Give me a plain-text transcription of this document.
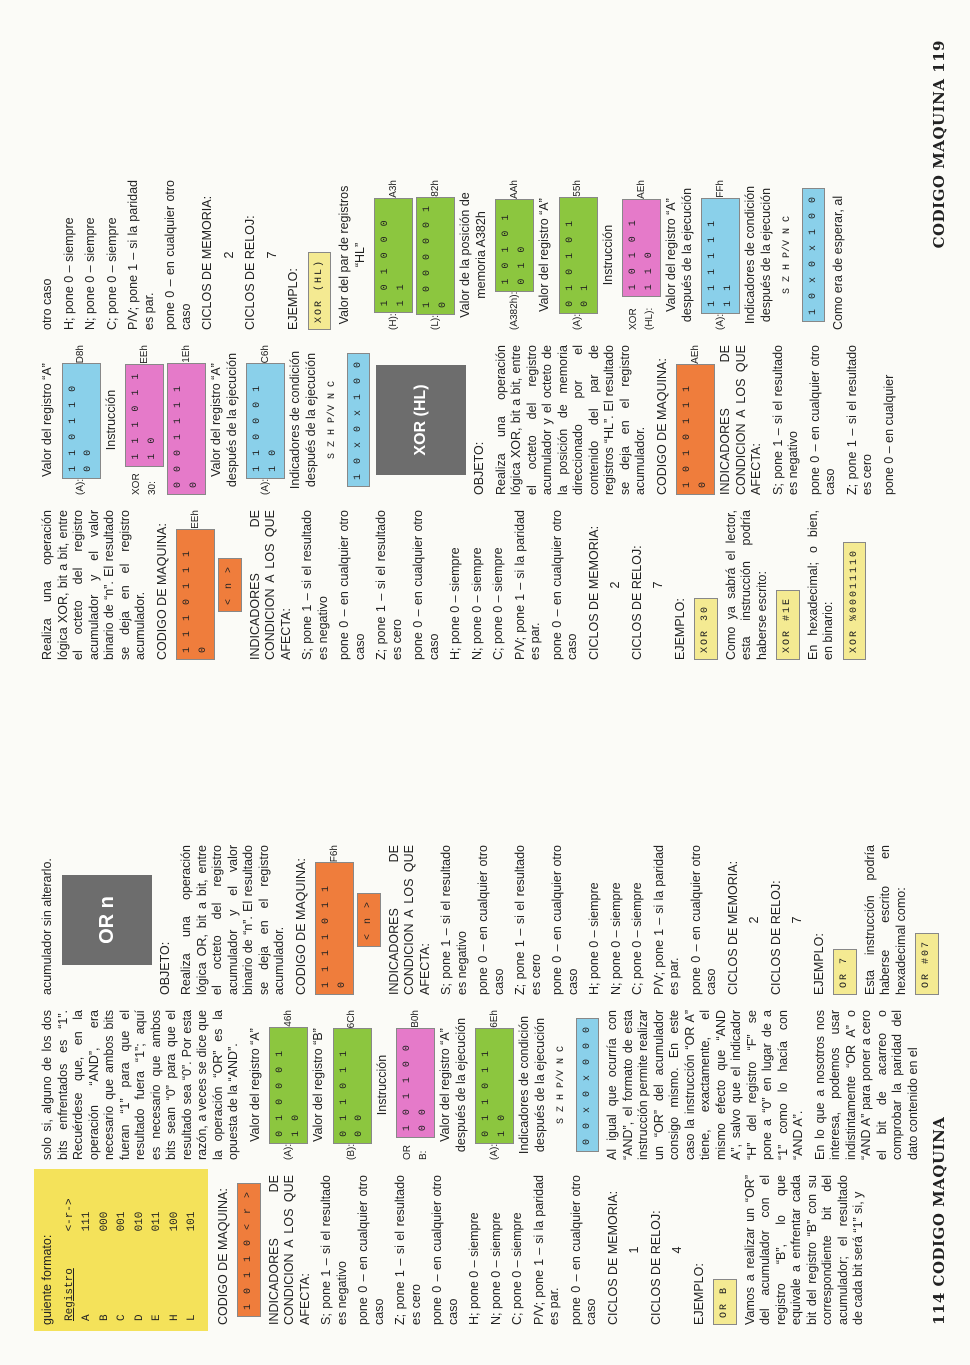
guiente formato: Registro	<-r->
A	111
B	000
C	001
D	010
E	011
H	100
L	101 CODIGO DE MAQUINA:	1 0 1 1 0 < r >	INDICADORES DE CONDICION A LOS QUE AFECTA: S; pone 1 – si el resultado es negativo pone 0 – en cualquier otro caso Z; pone 1 – si el resultado es cero pone 0 – en cualquier otro caso H; pone 0 – siempre N; pone 0 – siempre C; pone 0 – siempre P/V; pone 1 – si la paridad es par. pone 0 – en cualquier otro caso CICLOS DE MEMORIA: 1 CICLOS DE RELOJ: 4

EJEMPLO:	OR B	Vamos a realizar un “OR” del acumulador con el registro “B”, lo que equivale a enfrentar cada bit del registro “B” con su correspondiente bit del acumulador; el resultado de cada bit será “1” si, y

solo si, alguno de los dos bits enfrentados es “1”. Recuérdese que, en la operación “AND”, era necesario que ambos bits fueran “1” para que el resultado fuera “1”; aquí es necesario que ambos bits sean “0” para que el resultado sea “0”. Por esta razón, a veces se dice que la operación “OR” es la opuesta de la “AND”. Valor del registro “A”

(A):
0 1 0 0 0 1 1 0
46h

Valor del registro “B”

(B):
0 1 1 0 1 1 0 0
6Ch

Instrucción

OR B:
1 0 1 1 0 0 0 0
B0h

Valor del registro “A” después de la ejecución (A):
0 1 1 0 1 1 1 0
6Eh Indicadores de condición después de la ejecución S Z H P/V N C	0 0 x 0 x 0 0 0	Al igual que ocurría con “AND”, el formato de esta instrucción permite realizar un “OR” del acumulador consigo mismo. En este caso la instrucción “OR A” tiene, exactamente, el mismo efecto que “AND A”, salvo que el indicador “H” del registro “F” se pone a “0” en lugar de a “1” como lo hacía con “AND A”. En lo que a nosotros nos interesa, podemos usar indistintamente “OR A” o “AND A” para poner a cero el bit de acarreo o comprobar la paridad del dato contenido en el

acumulador sin alterarlo.	OR n

OBJETO: Realiza una operación lógica OR, bit a bit, entre el octeto del registro acumulador y el valor binario de “n”. El resultado se deja en el registro acumulador. CODIGO DE MAQUINA:	1 1 1 1 0 1 1 0
F6h

< n >	INDICADORES DE CONDICION A LOS QUE AFECTA: S; pone 1 – si el resultado es negativo pone 0 – en cualquier otro caso Z; pone 1 – si el resultado es cero pone 0 – en cualquier otro caso H; pone 0 – siempre N; pone 0 – siempre C; pone 0 – siempre P/V; pone 1 – si la paridad es par. pone 0 – en cualquier otro caso CICLOS DE MEMORIA: 2 CICLOS DE RELOJ: 7

EJEMPLO:	OR 7	Esta instrucción podría haberse escrito en hexadecimal como:	OR #07

114 CODIGO MAQUINA

Realiza una operación lógica XOR, bit a bit, entre el octeto del registro acumulador y el valor binario de “n”. El resultado se deja en el registro acumulador. CODIGO DE MAQUINA:	1 1 1 0 1 1 1 0
EEh

< n >	INDICADORES DE CONDICION A LOS QUE AFECTA: S; pone 1 – si el resultado es negativo pone 0 – en cualquier otro caso Z; pone 1 – si el resultado es cero pone 0 – en cualquier otro caso H; pone 0 – siempre N; pone 0 – siempre C; pone 0 – siempre P/V; pone 1 – si la paridad es par. pone 0 – en cualquier otro caso CICLOS DE MEMORIA: 2 CICLOS DE RELOJ: 7

EJEMPLO:	XOR 30	Como ya sabrá el lector, esta instrucción podría haberse escrito:	XOR #1E	En hexadecimal; o bien, en binario:	XOR %00011110

Valor del registro “A”

(A):
1 1 0 1 1 0 0 0
D8h

Instrucción

XOR 30:
1 1 1 0 1 1 1 0
EEh
0 0 0 1 1 1 1 0
1Eh

Valor del registro “A” después de la ejecución (A):
1 1 0 0 0 1 1 0
C6h Indicadores de condición después de la ejecución S Z H P/V N C	1 0 x 0 x 1 0 0	XOR (HL)

OBJETO: Realiza una operación lógica XOR, bit a bit, entre el octeto del registro acumulador y el octeto de la posición de memoria direccionado por el contenido del par de registros “HL”. El resultado se deja en el registro acumulador. CODIGO DE MAQUINA:	1 0 1 0 1 1 1 0
AEh INDICADORES DE CONDICION A LOS QUE AFECTA: S; pone 1 – si el resultado es negativo pone 0 – en cualquier otro caso Z; pone 1 – si el resultado es cero pone 0 – en cualquier

otro caso H; pone 0 – siempre N; pone 0 – siempre C; pone 0 – siempre P/V; pone 1 – si la paridad es par. pone 0 – en cualquier otro caso CICLOS DE MEMORIA: 2 CICLOS DE RELOJ: 7

EJEMPLO:	XOR (HL)	Valor del par de registros “HL”

(H):
1 0 1 0 0 0 1 1
A3h
(L):
1 0 0 0 0 0 1 0
82h

Valor de la posición de memoria A382h

(A382h):
1 0 1 0 1 0 1 0
AAh

Valor del registro “A”

(A):
0 1 0 1 0 1 0 1
55h

Instrucción

XOR (HL):
1 0 1 0 1 1 1 0
AEh

Valor del registro “A” después de la ejecución (A):
1 1 1 1 1 1 1 1
FFh Indicadores de condición después de la ejecución S Z H P/V N C	1 0 x 0 x 1 0 0	Como era de esperar, al

CODIGO MAQUINA 119
